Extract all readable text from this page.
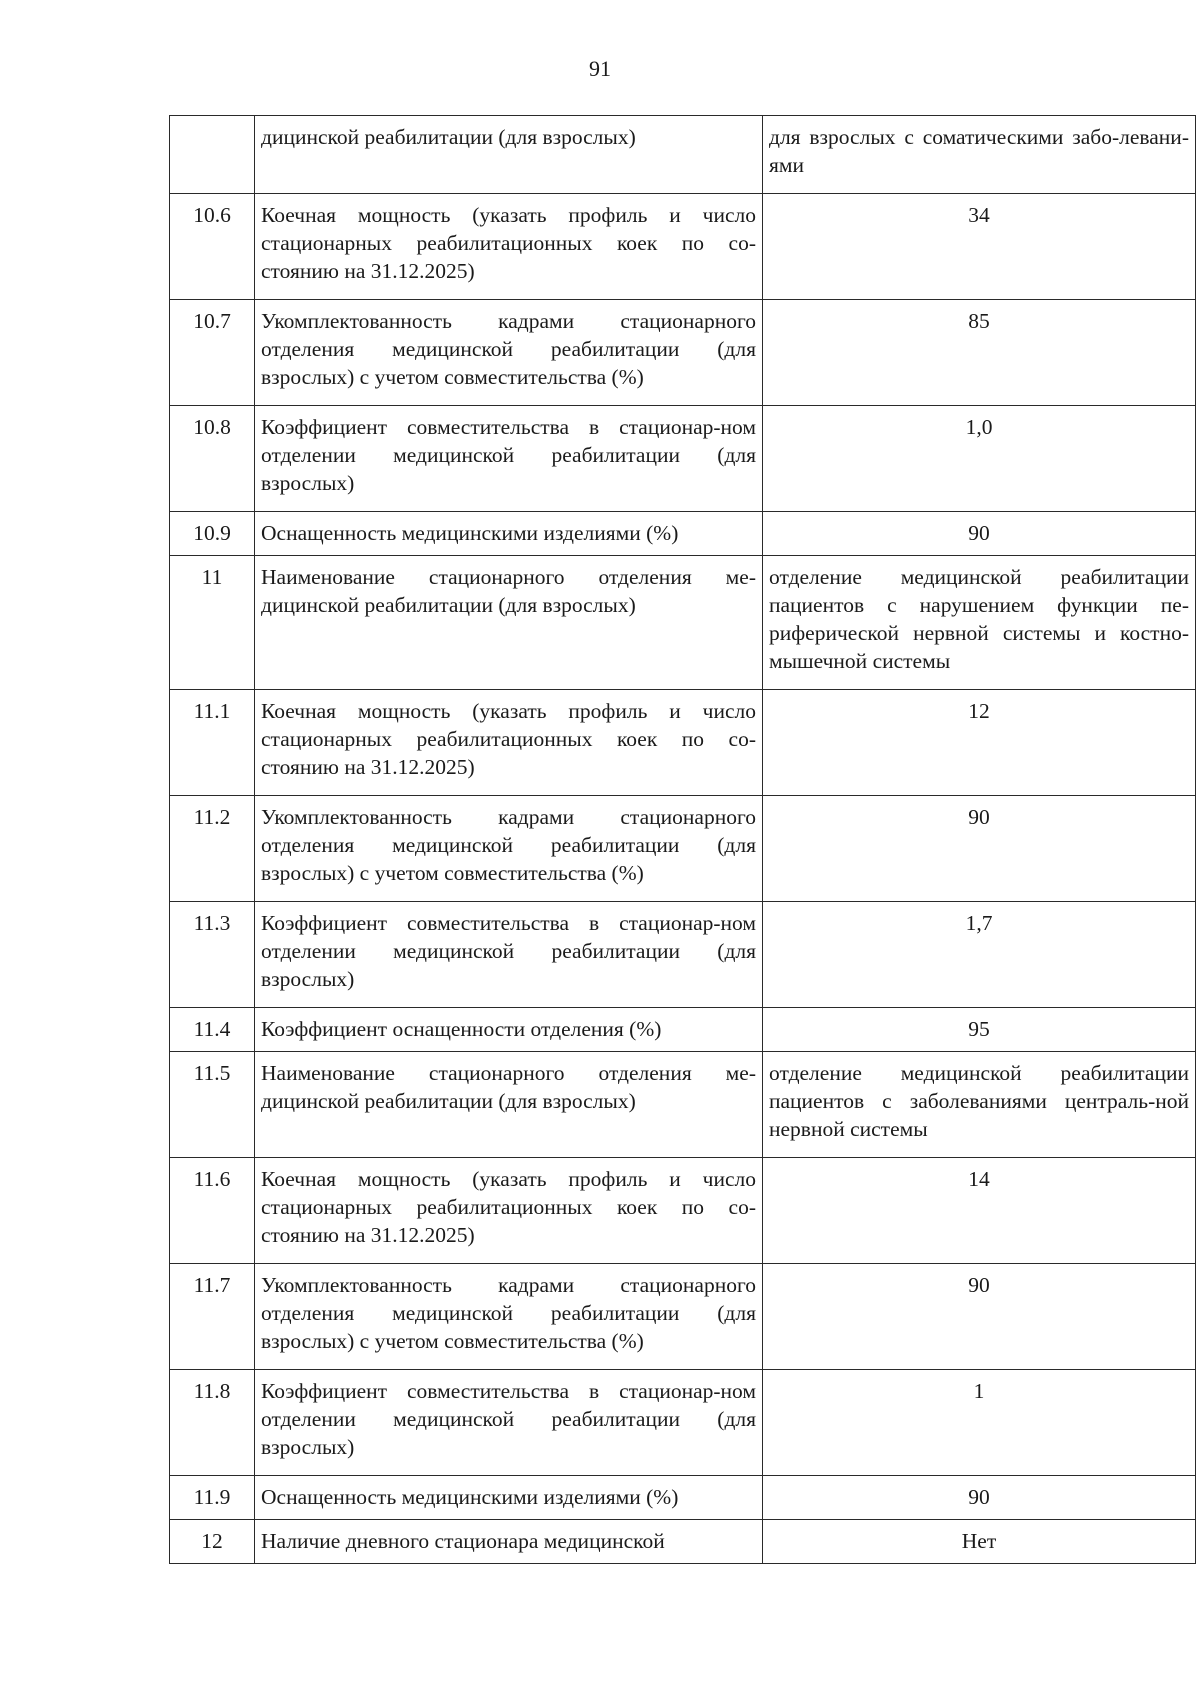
91
	дицинской реабилитации (для взрослых)	для взрослых с соматическими забо-леваниями
10.6	Коечная мощность (указать профиль и число стационарных реабилитационных коек по со-стоянию на 31.12.2025)	34
10.7	Укомплектованность кадрами стационарного отделения медицинской реабилитации (для взрослых) с учетом совместительства (%)	85
10.8	Коэффициент совместительства в стационар-ном отделении медицинской реабилитации (для взрослых)	1,0
10.9	Оснащенность медицинскими изделиями (%)	90
11	Наименование стационарного отделения ме-дицинской реабилитации (для взрослых)	отделение медицинской реабилитации пациентов с нарушением функции пе-риферической нервной системы и костно-мышечной системы
11.1	Коечная мощность (указать профиль и число стационарных реабилитационных коек по со-стоянию на 31.12.2025)	12
11.2	Укомплектованность кадрами стационарного отделения медицинской реабилитации (для взрослых) с учетом совместительства (%)	90
11.3	Коэффициент совместительства в стационар-ном отделении медицинской реабилитации (для взрослых)	1,7
11.4	Коэффициент оснащенности отделения (%)	95
11.5	Наименование стационарного отделения ме-дицинской реабилитации (для взрослых)	отделение медицинской реабилитации пациентов с заболеваниями централь-ной нервной системы
11.6	Коечная мощность (указать профиль и число стационарных реабилитационных коек по со-стоянию на 31.12.2025)	14
11.7	Укомплектованность кадрами стационарного отделения медицинской реабилитации (для взрослых) с учетом совместительства (%)	90
11.8	Коэффициент совместительства в стационар-ном отделении медицинской реабилитации (для взрослых)	1
11.9	Оснащенность медицинскими изделиями (%)	90
12	Наличие дневного стационара медицинской	Нет
